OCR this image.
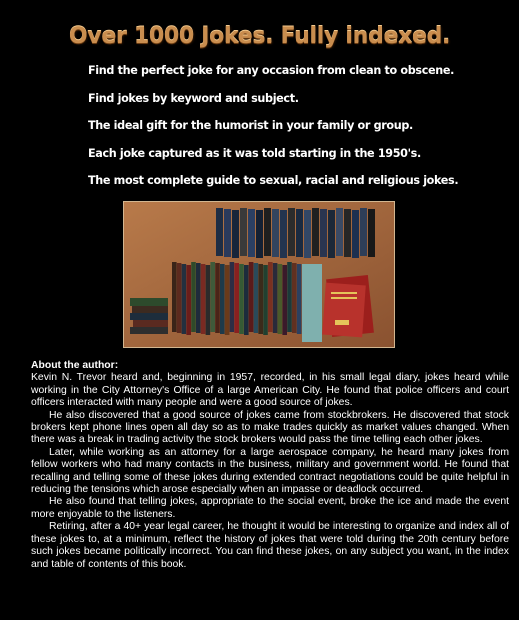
Over 1000 Jokes. Fully indexed.
Find the perfect joke for any occasion from clean to obscene.
Find jokes by keyword and subject.
The ideal gift for the humorist in your family or group.
Each joke captured as it was told starting in the 1950's.
The most complete guide to sexual, racial and religious jokes.
About the author:

Kevin N. Trevor heard and, beginning in 1957, recorded, in his small legal diary, jokes heard while working in the City Attorney's Office of a large American City. He found that police officers and court officers interacted with many people and were a good source of jokes.

He also discovered that a good source of jokes came from stockbrokers. He discovered that stock brokers kept phone lines open all day so as to make trades quickly as market values changed. When there was a break in trading activity the stock brokers would pass the time telling each other jokes.

Later, while working as an attorney for a large aerospace company, he heard many jokes from fellow workers who had many contacts in the business, military and government world. He found that recalling and telling some of these jokes during extended contract negotiations could be quite helpful in reducing the tensions which arose especially when an impasse or deadlock occurred.

He also found that telling jokes, appropriate to the social event, broke the ice and made the event more enjoyable to the listeners.

Retiring, after a 40+ year legal career, he thought it would be interesting to organize and index all of these jokes to, at a minimum, reflect the history of jokes that were told during the 20th century before such jokes became politically incorrect. You can find these jokes, on any subject you want, in the index and table of contents of this book.
